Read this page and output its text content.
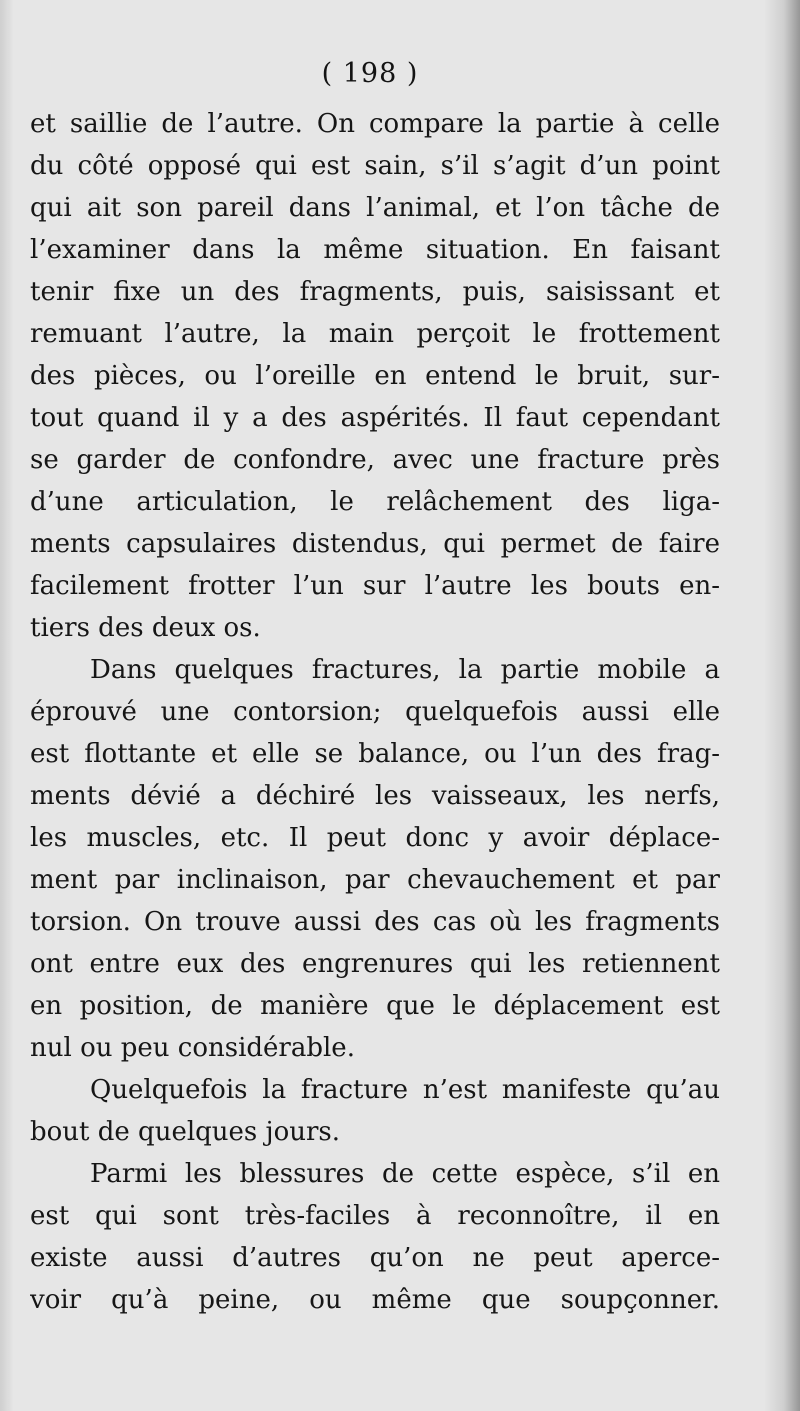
( 198 )
et saillie de l’autre. On compare la partie à celle
du côté opposé qui est sain, s’il s’agit d’un point
qui ait son pareil dans l’animal, et l’on tâche de
l’examiner dans la même situation. En faisant
tenir fixe un des fragments, puis, saisissant et
remuant l’autre, la main perçoit le frottement
des pièces, ou l’oreille en entend le bruit, sur-
tout quand il y a des aspérités. Il faut cependant
se garder de confondre, avec une fracture près
d’une articulation, le relâchement des liga-
ments capsulaires distendus, qui permet de faire
facilement frotter l’un sur l’autre les bouts en-
tiers des deux os.
Dans quelques fractures, la partie mobile a
éprouvé une contorsion; quelquefois aussi elle
est flottante et elle se balance, ou l’un des frag-
ments dévié a déchiré les vaisseaux, les nerfs,
les muscles, etc. Il peut donc y avoir déplace-
ment par inclinaison, par chevauchement et par
torsion. On trouve aussi des cas où les fragments
ont entre eux des engrenures qui les retiennent
en position, de manière que le déplacement est
nul ou peu considérable.
Quelquefois la fracture n’est manifeste qu’au
bout de quelques jours.
Parmi les blessures de cette espèce, s’il en
est qui sont très-faciles à reconnoître, il en
existe aussi d’autres qu’on ne peut aperce-
voir qu’à peine, ou même que soupçonner.
